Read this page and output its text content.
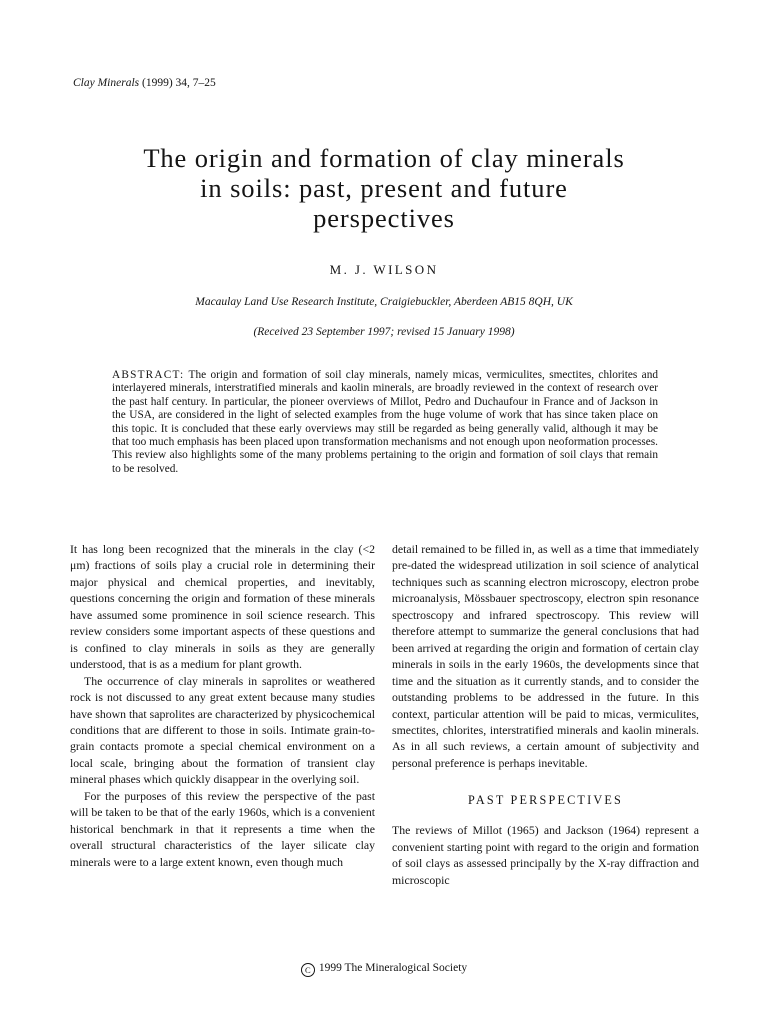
Clay Minerals (1999) 34, 7–25
The origin and formation of clay minerals
in soils: past, present and future
perspectives
M. J. WILSON
Macaulay Land Use Research Institute, Craigiebuckler, Aberdeen AB15 8QH, UK
(Received 23 September 1997; revised 15 January 1998)
ABSTRACT: The origin and formation of soil clay minerals, namely micas, vermiculites, smectites, chlorites and interlayered minerals, interstratified minerals and kaolin minerals, are broadly reviewed in the context of research over the past half century. In particular, the pioneer overviews of Millot, Pedro and Duchaufour in France and of Jackson in the USA, are considered in the light of selected examples from the huge volume of work that has since taken place on this topic. It is concluded that these early overviews may still be regarded as being generally valid, although it may be that too much emphasis has been placed upon transformation mechanisms and not enough upon neoformation processes. This review also highlights some of the many problems pertaining to the origin and formation of soil clays that remain to be resolved.

It has long been recognized that the minerals in the clay (<2 μm) fractions of soils play a crucial role in determining their major physical and chemical properties, and inevitably, questions concerning the origin and formation of these minerals have assumed some prominence in soil science research. This review considers some important aspects of these questions and is confined to clay minerals in soils as they are generally understood, that is as a medium for plant growth.

The occurrence of clay minerals in saprolites or weathered rock is not discussed to any great extent because many studies have shown that saprolites are characterized by physicochemical conditions that are different to those in soils. Intimate grain-to-grain contacts promote a special chemical environment on a local scale, bringing about the formation of transient clay mineral phases which quickly disappear in the overlying soil.

For the purposes of this review the perspective of the past will be taken to be that of the early 1960s, which is a convenient historical benchmark in that it represents a time when the overall structural characteristics of the layer silicate clay minerals were to a large extent known, even though much

detail remained to be filled in, as well as a time that immediately pre-dated the widespread utilization in soil science of analytical techniques such as scanning electron microscopy, electron probe microanalysis, Mössbauer spectroscopy, electron spin resonance spectroscopy and infrared spectroscopy. This review will therefore attempt to summarize the general conclusions that had been arrived at regarding the origin and formation of certain clay minerals in soils in the early 1960s, the developments since that time and the situation as it currently stands, and to consider the outstanding problems to be addressed in the future. In this context, particular attention will be paid to micas, vermiculites, smectites, chlorites, interstratified minerals and kaolin minerals. As in all such reviews, a certain amount of subjectivity and personal preference is perhaps inevitable.

PAST PERSPECTIVES

The reviews of Millot (1965) and Jackson (1964) represent a convenient starting point with regard to the origin and formation of soil clays as assessed principally by the X-ray diffraction and microscopic

C 1999 The Mineralogical Society
